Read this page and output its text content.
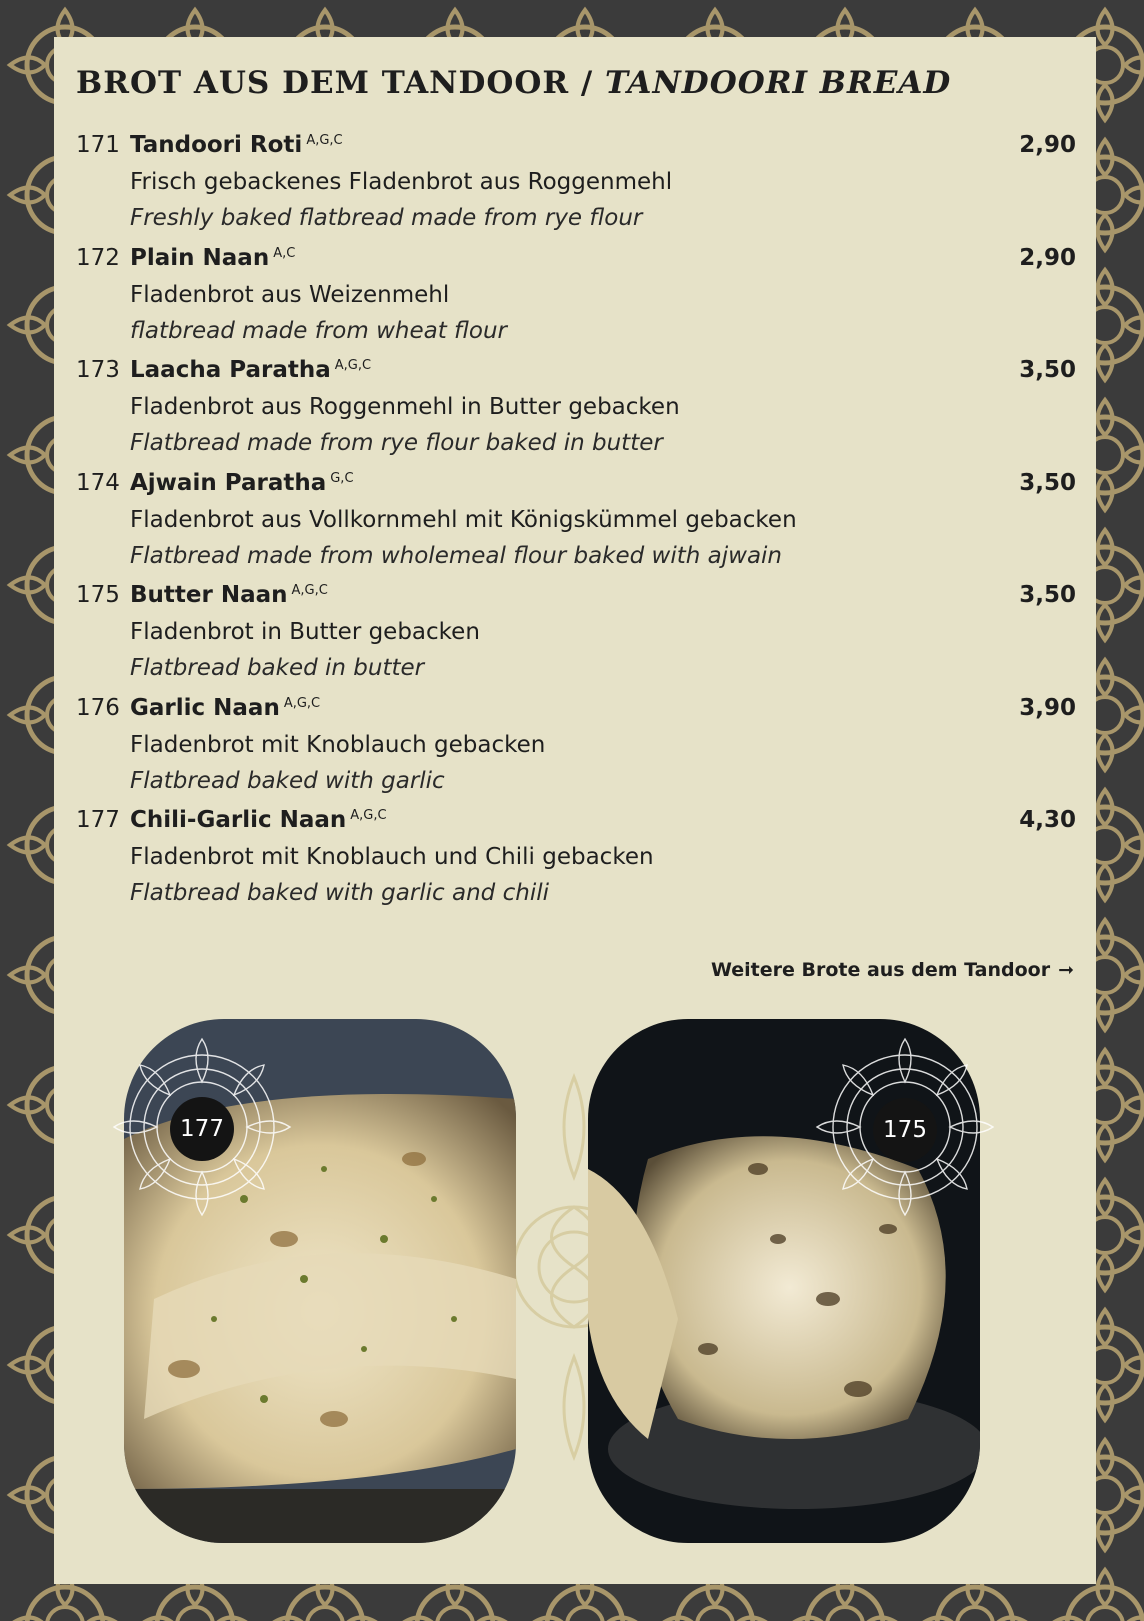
BROT AUS DEM TANDOOR / TANDOORI BREAD
171 Tandoori Roti $^{A,G,C}$	2,90
Frisch gebackenes Fladenbrot aus Roggenmehl
Freshly baked flatbread made from rye flour
172 Plain Naan $^{A,C}$	2,90
Fladenbrot aus Weizenmehl
flatbread made from wheat flour
173 Laacha Paratha $^{A,G,C}$	3,50
Fladenbrot aus Roggenmehl in Butter gebacken
Flatbread made from rye flour baked in butter
174 Ajwain Paratha $^{G,C}$	3,50
Fladenbrot aus Vollkornmehl mit Königskümmel gebacken
Flatbread made from wholemeal flour baked with ajwain
175 Butter Naan $^{A,G,C}$	3,50
Fladenbrot in Butter gebacken
Flatbread baked in butter
176 Garlic Naan $^{A,G,C}$	3,90
Fladenbrot mit Knoblauch gebacken
Flatbread baked with garlic
177 Chili-Garlic Naan $^{A,G,C}$	4,30
Fladenbrot mit Knoblauch und Chili gebacken
Flatbread baked with garlic and chili
Weitere Brote aus dem Tandoor ➞
177	175
